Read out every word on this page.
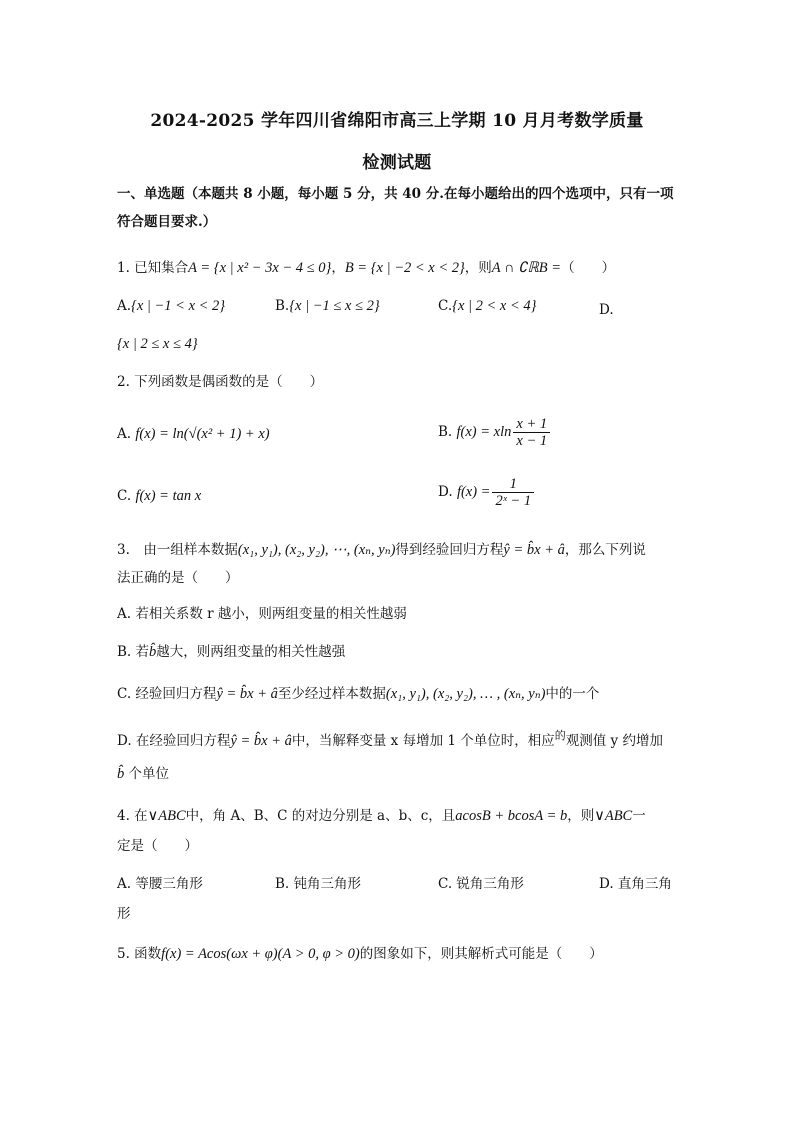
2024-2025 学年四川省绵阳市高三上学期 10 月月考数学质量
检测试题
一、单选题（本题共 8 小题，每小题 5 分，共 40 分.在每小题给出的四个选项中，只有一项
符合题目要求.）
1. 已知集合A = {x | x² − 3x − 4 ≤ 0}，B = {x | −2 < x < 2}，则A ∩ ∁ℝB =（　　）
A.{x | −1 < x < 2}	B.{x | −1 ≤ x ≤ 2}	C.{x | 2 < x < 4}	D.
{x | 2 ≤ x ≤ 4}
2. 下列函数是偶函数的是（　　）
A. f(x) = ln(√(x² + 1) + x)	B. f(x) = xln $\frac{x + 1}{x - 1}$
C. f(x) = tan x	D. $f(x) = \frac{1}{\text{2ˣ − 1}}$
3.　由一组样本数据(x₁, y₁), (x₂, y₂), ⋯, (xₙ, yₙ)得到经验回归方程ŷ = b̂x + â，那么下列说
法正确的是（　　）
A. 若相关系数 r 越小，则两组变量的相关性越弱
B. 若b̂越大，则两组变量的相关性越强
C. 经验回归方程ŷ = b̂x + â至少经过样本数据(x₁, y₁), (x₂, y₂), … , (xₙ, yₙ)中的一个
D. 在经验回归方程ŷ = b̂x + â中，当解释变量 x 每增加 1 个单位时，相应$^的$观测值 y 约增加
b̂ 个单位
4. 在∨ABC中，角 A、B、C 的对边分别是 a、b、c，且acosB + bcosA = b，则∨ABC一
定是（　　）
A. 等腰三角形	B. 钝角三角形	C. 锐角三角形	D. 直角三角
形
5. 函数f(x) = Acos(ωx + φ)(A > 0, φ > 0)的图象如下，则其解析式可能是（　　）
